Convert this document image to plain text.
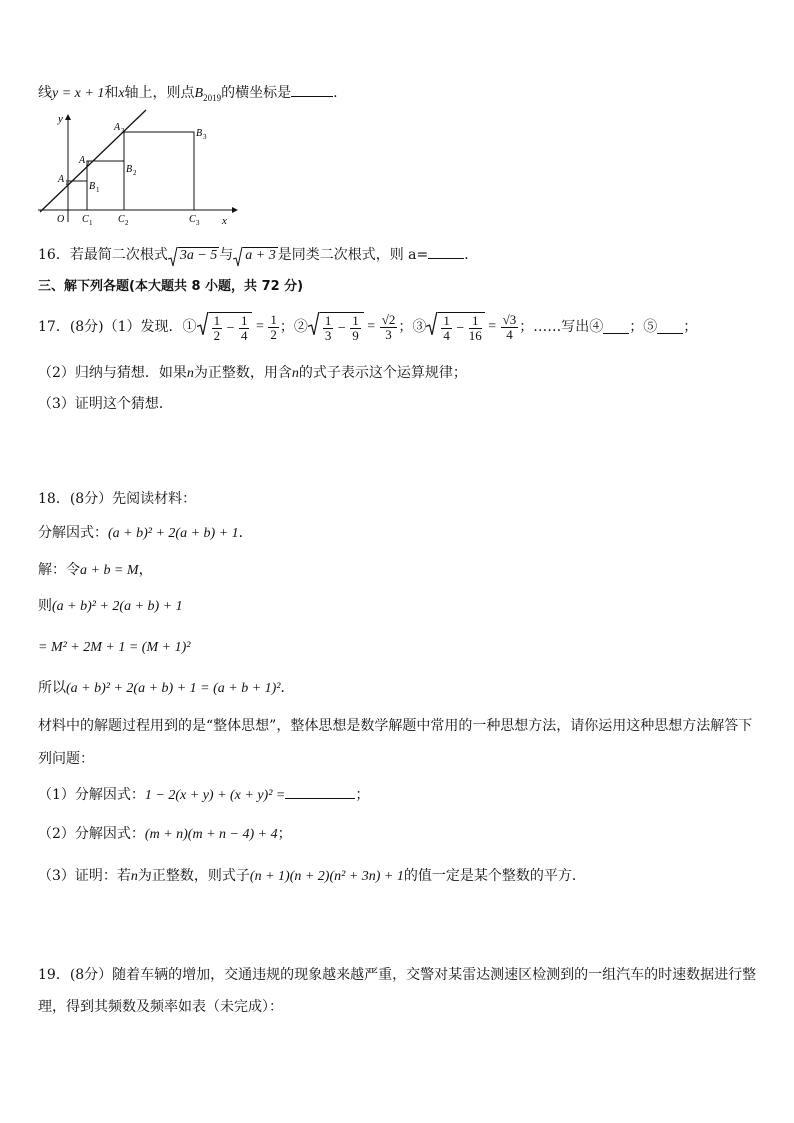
线y = x + 1和x轴上，则点$B_{2019}$的横坐标是	.
y
x
O
A 1
A 2
A 3
B 1
B 2
B 3
C 1	C 2	C 3
16．若最简二次根式 3a − 5 与 a + 3 是同类二次根式，则 a=	．
三、解下列各题(本大题共 8 小题，共 72 分)
17．(8分)（1）发现．① $\frac{1}{2} - \frac{1}{4} = \frac{1}{2}$ ；② $\frac{1}{3} - \frac{1}{9} = \frac{√2}{3}$ ；③ $\frac{1}{4} - \frac{1}{16} = \frac{√3}{4}$ ；……写出④ ；⑤ ；
（2）归纳与猜想．如果n为正整数，用含n的式子表示这个运算规律；
（3）证明这个猜想．
18．(8分）先阅读材料：
分解因式：(a + b)² + 2(a + b) + 1．
解：令a + b = M，
则(a + b)² + 2(a + b) + 1
= M² + 2M + 1 = (M + 1)²
所以(a + b)² + 2(a + b) + 1 = (a + b + 1)²．
材料中的解题过程用到的是“整体思想”，整体思想是数学解题中常用的一种思想方法，请你运用这种思想方法解答下
列问题：
（1）分解因式：1 − 2(x + y) + (x + y)² =	；
（2）分解因式：(m + n)(m + n − 4) + 4；
（3）证明：若n为正整数，则式子(n + 1)(n + 2)(n² + 3n) + 1的值一定是某个整数的平方．
19．(8分）随着车辆的增加，交通违规的现象越来越严重，交警对某雷达测速区检测到的一组汽车的时速数据进行整
理，得到其频数及频率如表（未完成）：
